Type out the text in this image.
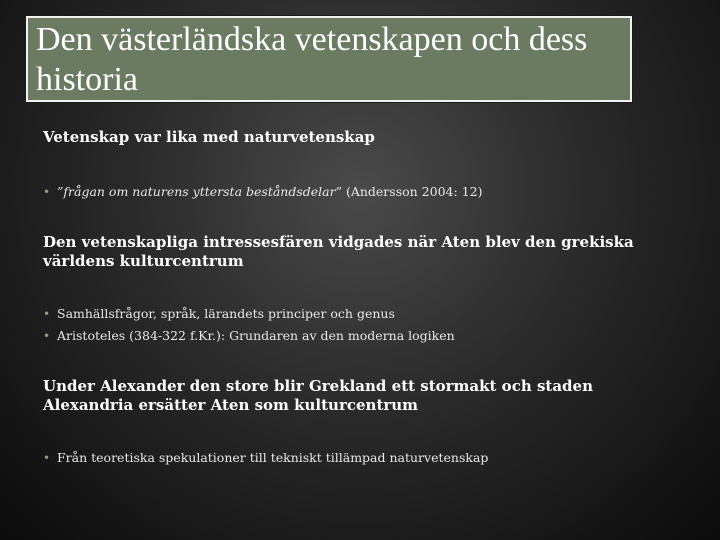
Den västerländska vetenskapen och dess historia
Vetenskap var lika med naturvetenskap
• ”frågan om naturens yttersta beståndsdelar” (Andersson 2004: 12)
Den vetenskapliga intressesfären vidgades när Aten blev den grekiska världens kulturcentrum
• Samhällsfrågor, språk, lärandets principer och genus
• Aristoteles (384-322 f.Kr.): Grundaren av den moderna logiken
Under Alexander den store blir Grekland ett stormakt och staden Alexandria ersätter Aten som kulturcentrum
• Från teoretiska spekulationer till tekniskt tillämpad naturvetenskap
